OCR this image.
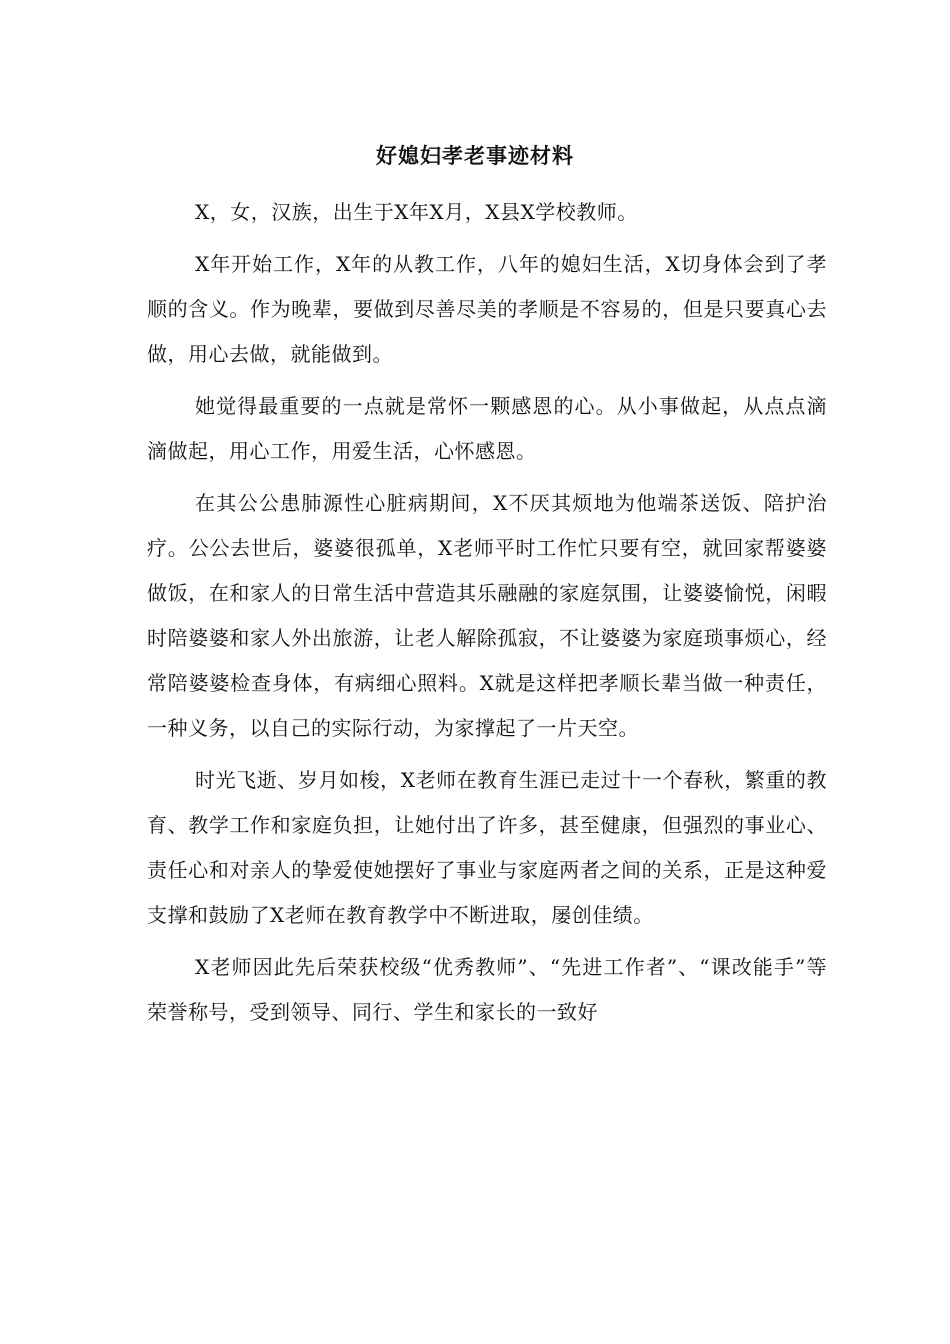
好媳妇孝老事迹材料

X，女，汉族，出生于X年X月，X县X学校教师。

X年开始工作，X年的从教工作，八年的媳妇生活，X切身体会到了孝顺的含义。作为晚辈，要做到尽善尽美的孝顺是不容易的，但是只要真心去做，用心去做，就能做到。

她觉得最重要的一点就是常怀一颗感恩的心。从小事做起，从点点滴滴做起，用心工作，用爱生活，心怀感恩。

在其公公患肺源性心脏病期间，X不厌其烦地为他端茶送饭、陪护治疗。公公去世后，婆婆很孤单，X老师平时工作忙只要有空，就回家帮婆婆做饭，在和家人的日常生活中营造其乐融融的家庭氛围，让婆婆愉悦，闲暇时陪婆婆和家人外出旅游，让老人解除孤寂，不让婆婆为家庭琐事烦心，经常陪婆婆检查身体，有病细心照料。X就是这样把孝顺长辈当做一种责任，一种义务，以自己的实际行动，为家撑起了一片天空。

时光飞逝、岁月如梭，X老师在教育生涯已走过十一个春秋，繁重的教育、教学工作和家庭负担，让她付出了许多，甚至健康，但强烈的事业心、责任心和对亲人的挚爱使她摆好了事业与家庭两者之间的关系，正是这种爱支撑和鼓励了X老师在教育教学中不断进取，屡创佳绩。

X老师因此先后荣获校级“优秀教师”、“先进工作者”、“课改能手”等荣誉称号，受到领导、同行、学生和家长的一致好
